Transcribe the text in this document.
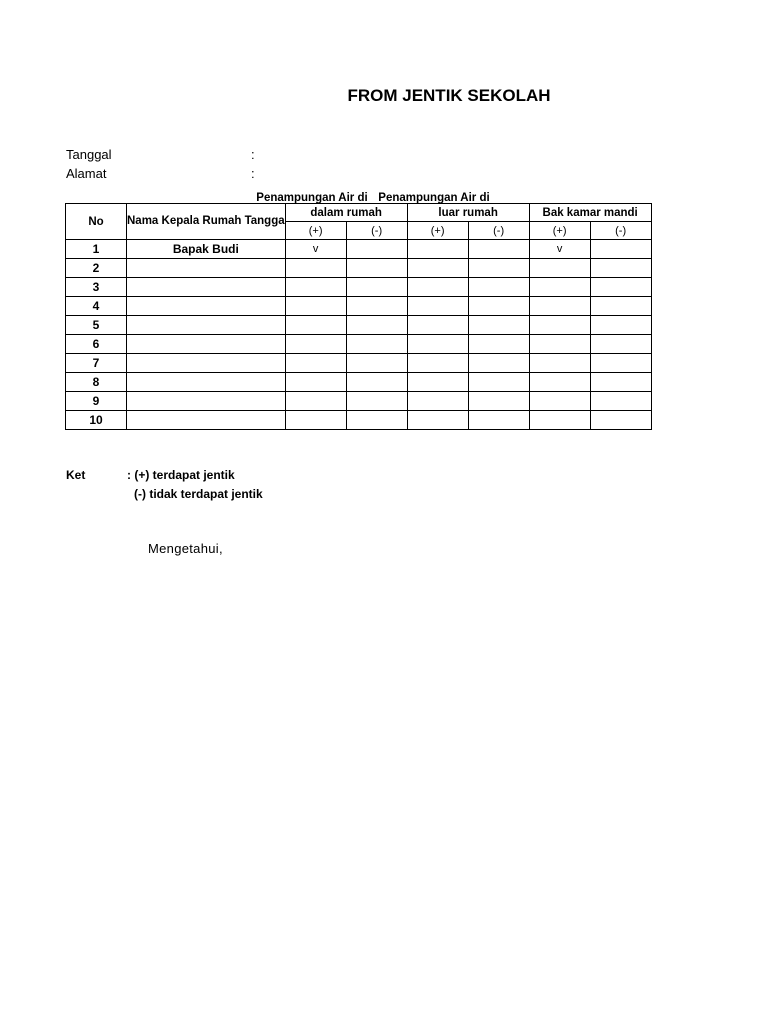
FROM JENTIK SEKOLAH
Tanggal	:
Alamat	:
Penampungan Air di Penampungan Air di
No	Nama Kepala Rumah Tangga	dalam rumah		luar rumah		Bak kamar mandi	
		(+)	(-)	(+)	(-)	(+)	(-)
1	Bapak Budi	v				v	
2							
3							
4							
5							
6							
7							
8							
9							
10							
Ket	: (+) terdapat jentik
(-) tidak terdapat jentik
Mengetahui,
